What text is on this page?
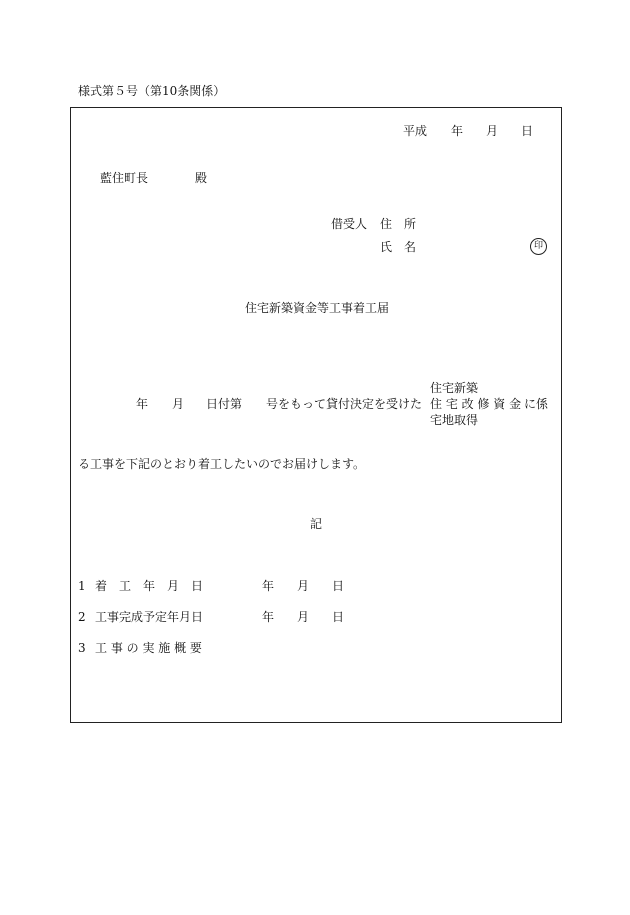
様式第５号（第10条関係）
平成 年 月 日
藍住町長	殿
借受人 住　所
氏　名	印
住宅新築資金等工事着工届
年 月 日付第 号をもって貸付決定を受けた
住宅新築
住 宅 改 修 資 金
宅地取得
に係
る工事を下記のとおり着工したいのでお届けします。
記
1 着　工　年　月　日	年 月 日
2 工事完成予定年月日	年 月 日
3 工 事 の 実 施 概 要
